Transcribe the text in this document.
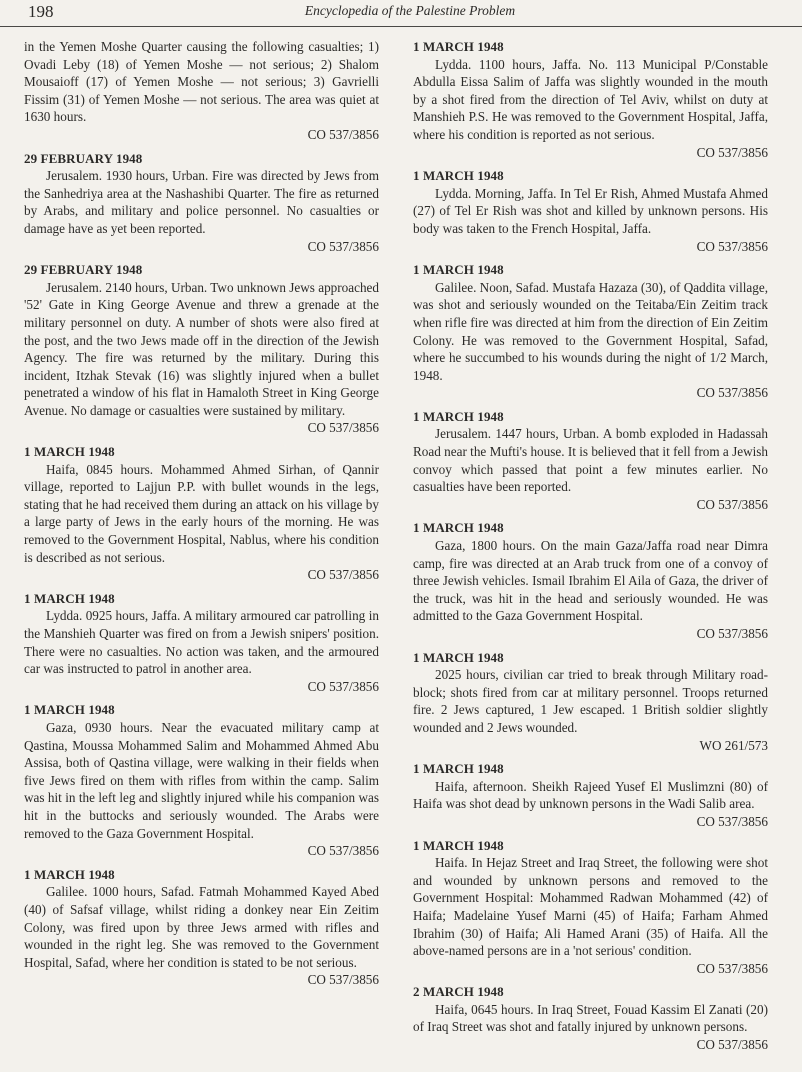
198	Encyclopedia of the Palestine Problem

in the Yemen Moshe Quarter causing the following casualties; 1) Ovadi Leby (18) of Yemen Moshe — not serious; 2) Shalom Mousaioff (17) of Yemen Moshe — not serious; 3) Gavrielli Fissim (31) of Yemen Moshe — not serious. The area was quiet at 1630 hours.

CO 537/3856

29 FEBRUARY 1948

Jerusalem. 1930 hours, Urban. Fire was directed by Jews from the Sanhedriya area at the Nashashibi Quarter. The fire as returned by Arabs, and military and police personnel. No casualties or damage have as yet been reported.

CO 537/3856

29 FEBRUARY 1948

Jerusalem. 2140 hours, Urban. Two unknown Jews approached '52' Gate in King George Avenue and threw a grenade at the military personnel on duty. A number of shots were also fired at the post, and the two Jews made off in the direction of the Jewish Agency. The fire was returned by the military. During this incident, Itzhak Stevak (16) was slightly injured when a bullet penetrated a window of his flat in Hamaloth Street in King George Avenue. No damage or casualties were sustained by military.

CO 537/3856

1 MARCH 1948

Haifa, 0845 hours. Mohammed Ahmed Sirhan, of Qannir village, reported to Lajjun P.P. with bullet wounds in the legs, stating that he had received them during an attack on his village by a large party of Jews in the early hours of the morning. He was removed to the Government Hospital, Nablus, where his condition is described as not serious.

CO 537/3856

1 MARCH 1948

Lydda. 0925 hours, Jaffa. A military armoured car patrolling in the Manshieh Quarter was fired on from a Jewish snipers' position. There were no casualties. No action was taken, and the armoured car was instructed to patrol in another area.

CO 537/3856

1 MARCH 1948

Gaza, 0930 hours. Near the evacuated military camp at Qastina, Moussa Mohammed Salim and Mohammed Ahmed Abu Assisa, both of Qastina village, were walking in their fields when five Jews fired on them with rifles from within the camp. Salim was hit in the left leg and slightly injured while his companion was hit in the buttocks and seriously wounded. The Arabs were removed to the Gaza Government Hospital.

CO 537/3856

1 MARCH 1948

Galilee. 1000 hours, Safad. Fatmah Mohammed Kayed Abed (40) of Safsaf village, whilst riding a donkey near Ein Zeitim Colony, was fired upon by three Jews armed with rifles and wounded in the right leg. She was removed to the Government Hospital, Safad, where her condition is stated to be not serious.

CO 537/3856

1 MARCH 1948

Lydda. 1100 hours, Jaffa. No. 113 Municipal P/Constable Abdulla Eissa Salim of Jaffa was slightly wounded in the mouth by a shot fired from the direction of Tel Aviv, whilst on duty at Manshieh P.S. He was removed to the Government Hospital, Jaffa, where his condition is reported as not serious.

CO 537/3856

1 MARCH 1948

Lydda. Morning, Jaffa. In Tel Er Rish, Ahmed Mustafa Ahmed (27) of Tel Er Rish was shot and killed by unknown persons. His body was taken to the French Hospital, Jaffa.

CO 537/3856

1 MARCH 1948

Galilee. Noon, Safad. Mustafa Hazaza (30), of Qaddita village, was shot and seriously wounded on the Teitaba/Ein Zeitim track when rifle fire was directed at him from the direction of Ein Zeitim Colony. He was removed to the Government Hospital, Safad, where he succumbed to his wounds during the night of 1/2 March, 1948.

CO 537/3856

1 MARCH 1948

Jerusalem. 1447 hours, Urban. A bomb exploded in Hadassah Road near the Mufti's house. It is believed that it fell from a Jewish convoy which passed that point a few minutes earlier. No casualties have been reported.

CO 537/3856

1 MARCH 1948

Gaza, 1800 hours. On the main Gaza/Jaffa road near Dimra camp, fire was directed at an Arab truck from one of a convoy of three Jewish vehicles. Ismail Ibrahim El Aila of Gaza, the driver of the truck, was hit in the head and seriously wounded. He was admitted to the Gaza Government Hospital.

CO 537/3856

1 MARCH 1948

2025 hours, civilian car tried to break through Military road-block; shots fired from car at military personnel. Troops returned fire. 2 Jews captured, 1 Jew escaped. 1 British soldier slightly wounded and 2 Jews wounded.

WO 261/573

1 MARCH 1948

Haifa, afternoon. Sheikh Rajeed Yusef El Muslimzni (80) of Haifa was shot dead by unknown persons in the Wadi Salib area.

CO 537/3856

1 MARCH 1948

Haifa. In Hejaz Street and Iraq Street, the following were shot and wounded by unknown persons and removed to the Government Hospital: Mohammed Radwan Mohammed (42) of Haifa; Madelaine Yusef Marni (45) of Haifa; Farham Ahmed Ibrahim (30) of Haifa; Ali Hamed Arani (35) of Haifa. All the above-named persons are in a 'not serious' condition.

CO 537/3856

2 MARCH 1948

Haifa, 0645 hours. In Iraq Street, Fouad Kassim El Zanati (20) of Iraq Street was shot and fatally injured by unknown persons.

CO 537/3856
